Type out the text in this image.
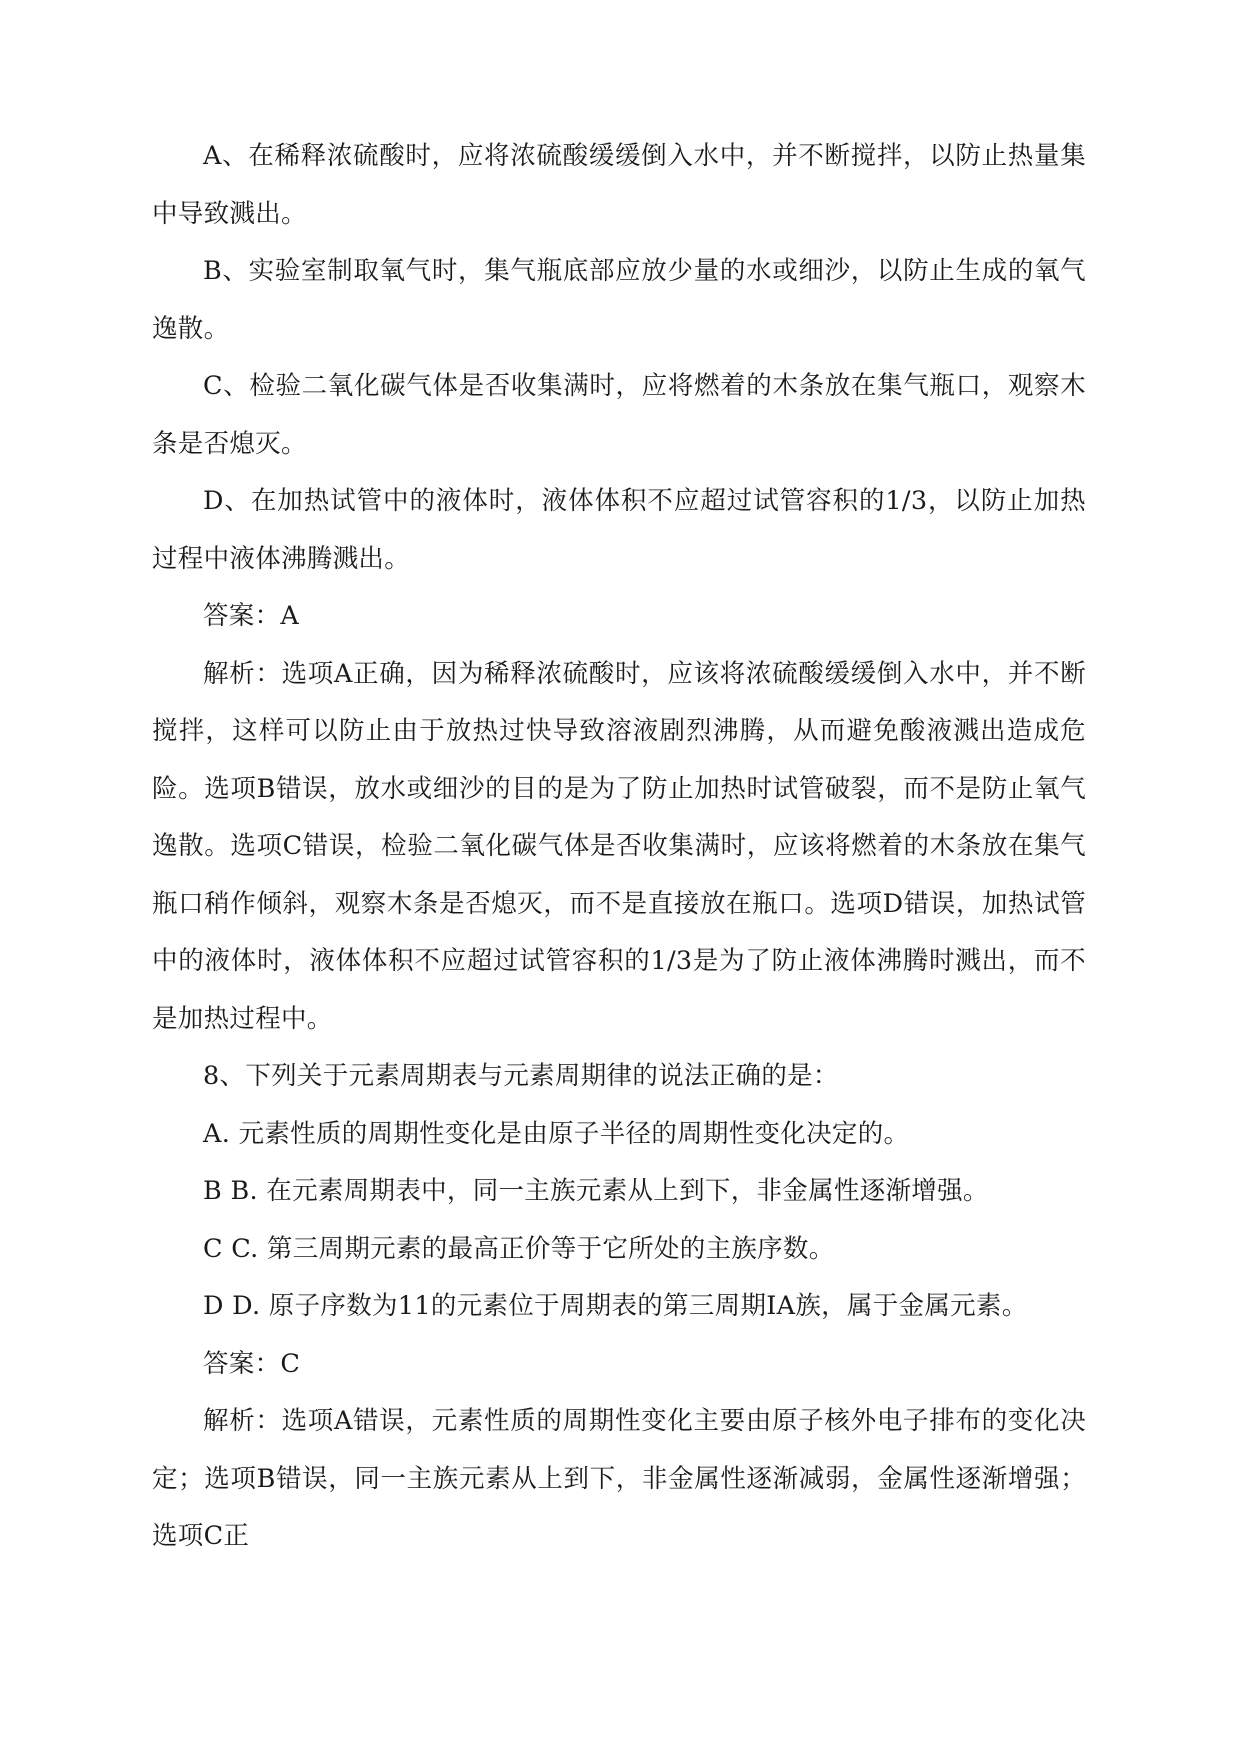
A、在稀释浓硫酸时，应将浓硫酸缓缓倒入水中，并不断搅拌，以防止热量集中导致溅出。

B、实验室制取氧气时，集气瓶底部应放少量的水或细沙，以防止生成的氧气逸散。

C、检验二氧化碳气体是否收集满时，应将燃着的木条放在集气瓶口，观察木条是否熄灭。

D、在加热试管中的液体时，液体体积不应超过试管容积的1/3，以防止加热过程中液体沸腾溅出。

答案：A

解析：选项A正确，因为稀释浓硫酸时，应该将浓硫酸缓缓倒入水中，并不断搅拌，这样可以防止由于放热过快导致溶液剧烈沸腾，从而避免酸液溅出造成危险。选项B错误，放水或细沙的目的是为了防止加热时试管破裂，而不是防止氧气逸散。选项C错误，检验二氧化碳气体是否收集满时，应该将燃着的木条放在集气瓶口稍作倾斜，观察木条是否熄灭，而不是直接放在瓶口。选项D错误，加热试管中的液体时，液体体积不应超过试管容积的1/3是为了防止液体沸腾时溅出，而不是加热过程中。

8、下列关于元素周期表与元素周期律的说法正确的是：

A. 元素性质的周期性变化是由原子半径的周期性变化决定的。

B B. 在元素周期表中，同一主族元素从上到下，非金属性逐渐增强。

C C. 第三周期元素的最高正价等于它所处的主族序数。

D D. 原子序数为11的元素位于周期表的第三周期IA族，属于金属元素。

答案：C

解析：选项A错误，元素性质的周期性变化主要由原子核外电子排布的变化决定；选项B错误，同一主族元素从上到下，非金属性逐渐减弱，金属性逐渐增强；选项C正
